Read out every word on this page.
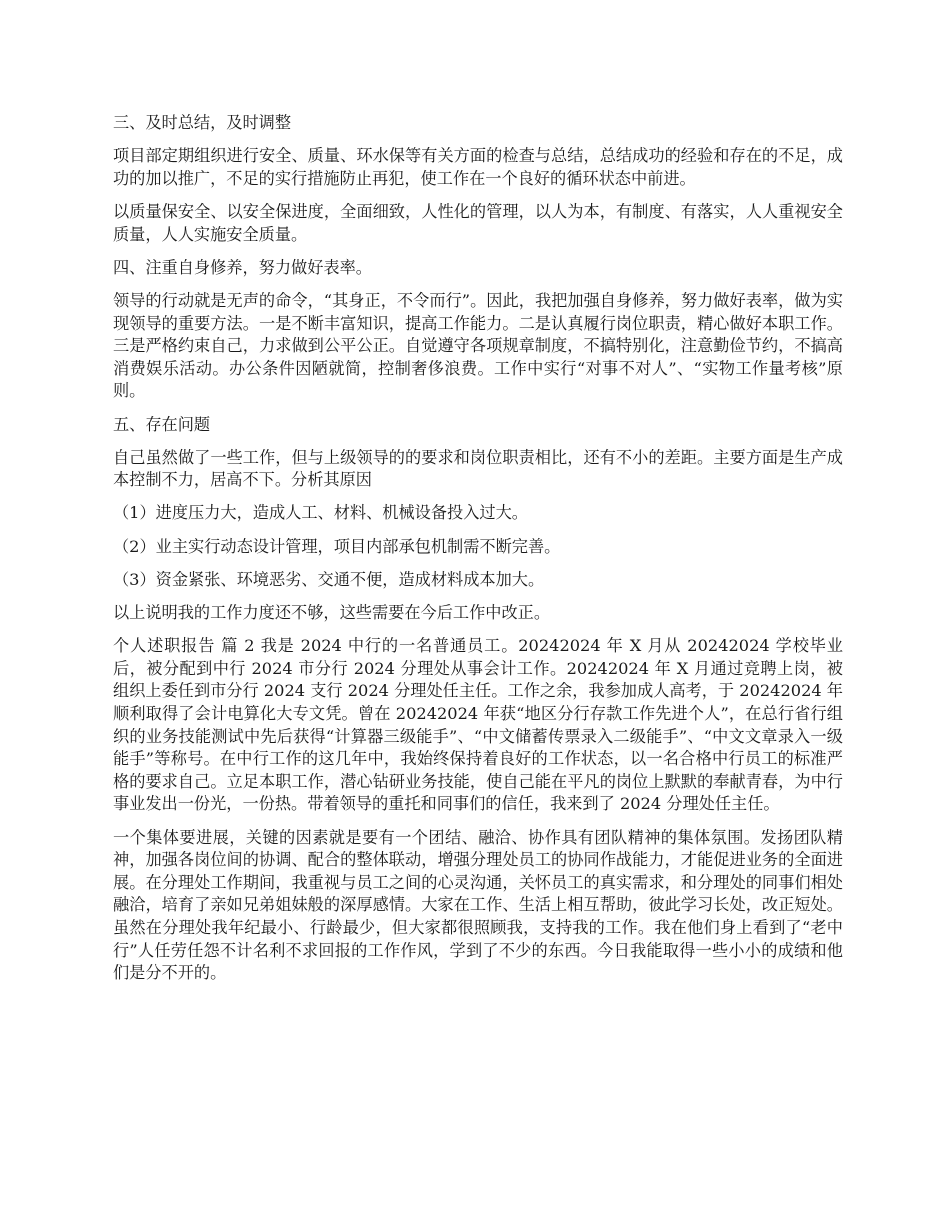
三、及时总结，及时调整

项目部定期组织进行安全、质量、环水保等有关方面的检查与总结，总结成功的经验和存在的不足，成功的加以推广，不足的实行措施防止再犯，使工作在一个良好的循环状态中前进。

以质量保安全、以安全保进度，全面细致，人性化的管理，以人为本，有制度、有落实，人人重视安全质量，人人实施安全质量。

四、注重自身修养，努力做好表率。

领导的行动就是无声的命令，“其身正，不令而行”。因此，我把加强自身修养，努力做好表率，做为实现领导的重要方法。一是不断丰富知识，提高工作能力。二是认真履行岗位职责，精心做好本职工作。三是严格约束自己，力求做到公平公正。自觉遵守各项规章制度，不搞特别化，注意勤俭节约，不搞高消费娱乐活动。办公条件因陋就简，控制奢侈浪费。工作中实行“对事不对人”、“实物工作量考核”原则。

五、存在问题

自己虽然做了一些工作，但与上级领导的的要求和岗位职责相比，还有不小的差距。主要方面是生产成本控制不力，居高不下。分析其原因

（1）进度压力大，造成人工、材料、机械设备投入过大。

（2）业主实行动态设计管理，项目内部承包机制需不断完善。

（3）资金紧张、环境恶劣、交通不便，造成材料成本加大。

以上说明我的工作力度还不够，这些需要在今后工作中改正。

个人述职报告 篇 2 我是 2024 中行的一名普通员工。20242024 年 X 月从 20242024 学校毕业后，被分配到中行 2024 市分行 2024 分理处从事会计工作。20242024 年 X 月通过竞聘上岗，被组织上委任到市分行 2024 支行 2024 分理处任主任。工作之余，我参加成人高考，于 20242024 年顺利取得了会计电算化大专文凭。曾在 20242024 年获“地区分行存款工作先进个人”，在总行省行组织的业务技能测试中先后获得“计算器三级能手”、“中文储蓄传票录入二级能手”、“中文文章录入一级能手”等称号。在中行工作的这几年中，我始终保持着良好的工作状态，以一名合格中行员工的标准严格的要求自己。立足本职工作，潜心钻研业务技能，使自己能在平凡的岗位上默默的奉献青春，为中行事业发出一份光，一份热。带着领导的重托和同事们的信任，我来到了 2024 分理处任主任。

一个集体要进展，关键的因素就是要有一个团结、融洽、协作具有团队精神的集体氛围。发扬团队精神，加强各岗位间的协调、配合的整体联动，增强分理处员工的协同作战能力，才能促进业务的全面进展。在分理处工作期间，我重视与员工之间的心灵沟通，关怀员工的真实需求，和分理处的同事们相处融洽，培育了亲如兄弟姐妹般的深厚感情。大家在工作、生活上相互帮助，彼此学习长处，改正短处。虽然在分理处我年纪最小、行龄最少，但大家都很照顾我，支持我的工作。我在他们身上看到了“老中行”人任劳任怨不计名利不求回报的工作作风，学到了不少的东西。今日我能取得一些小小的成绩和他们是分不开的。
